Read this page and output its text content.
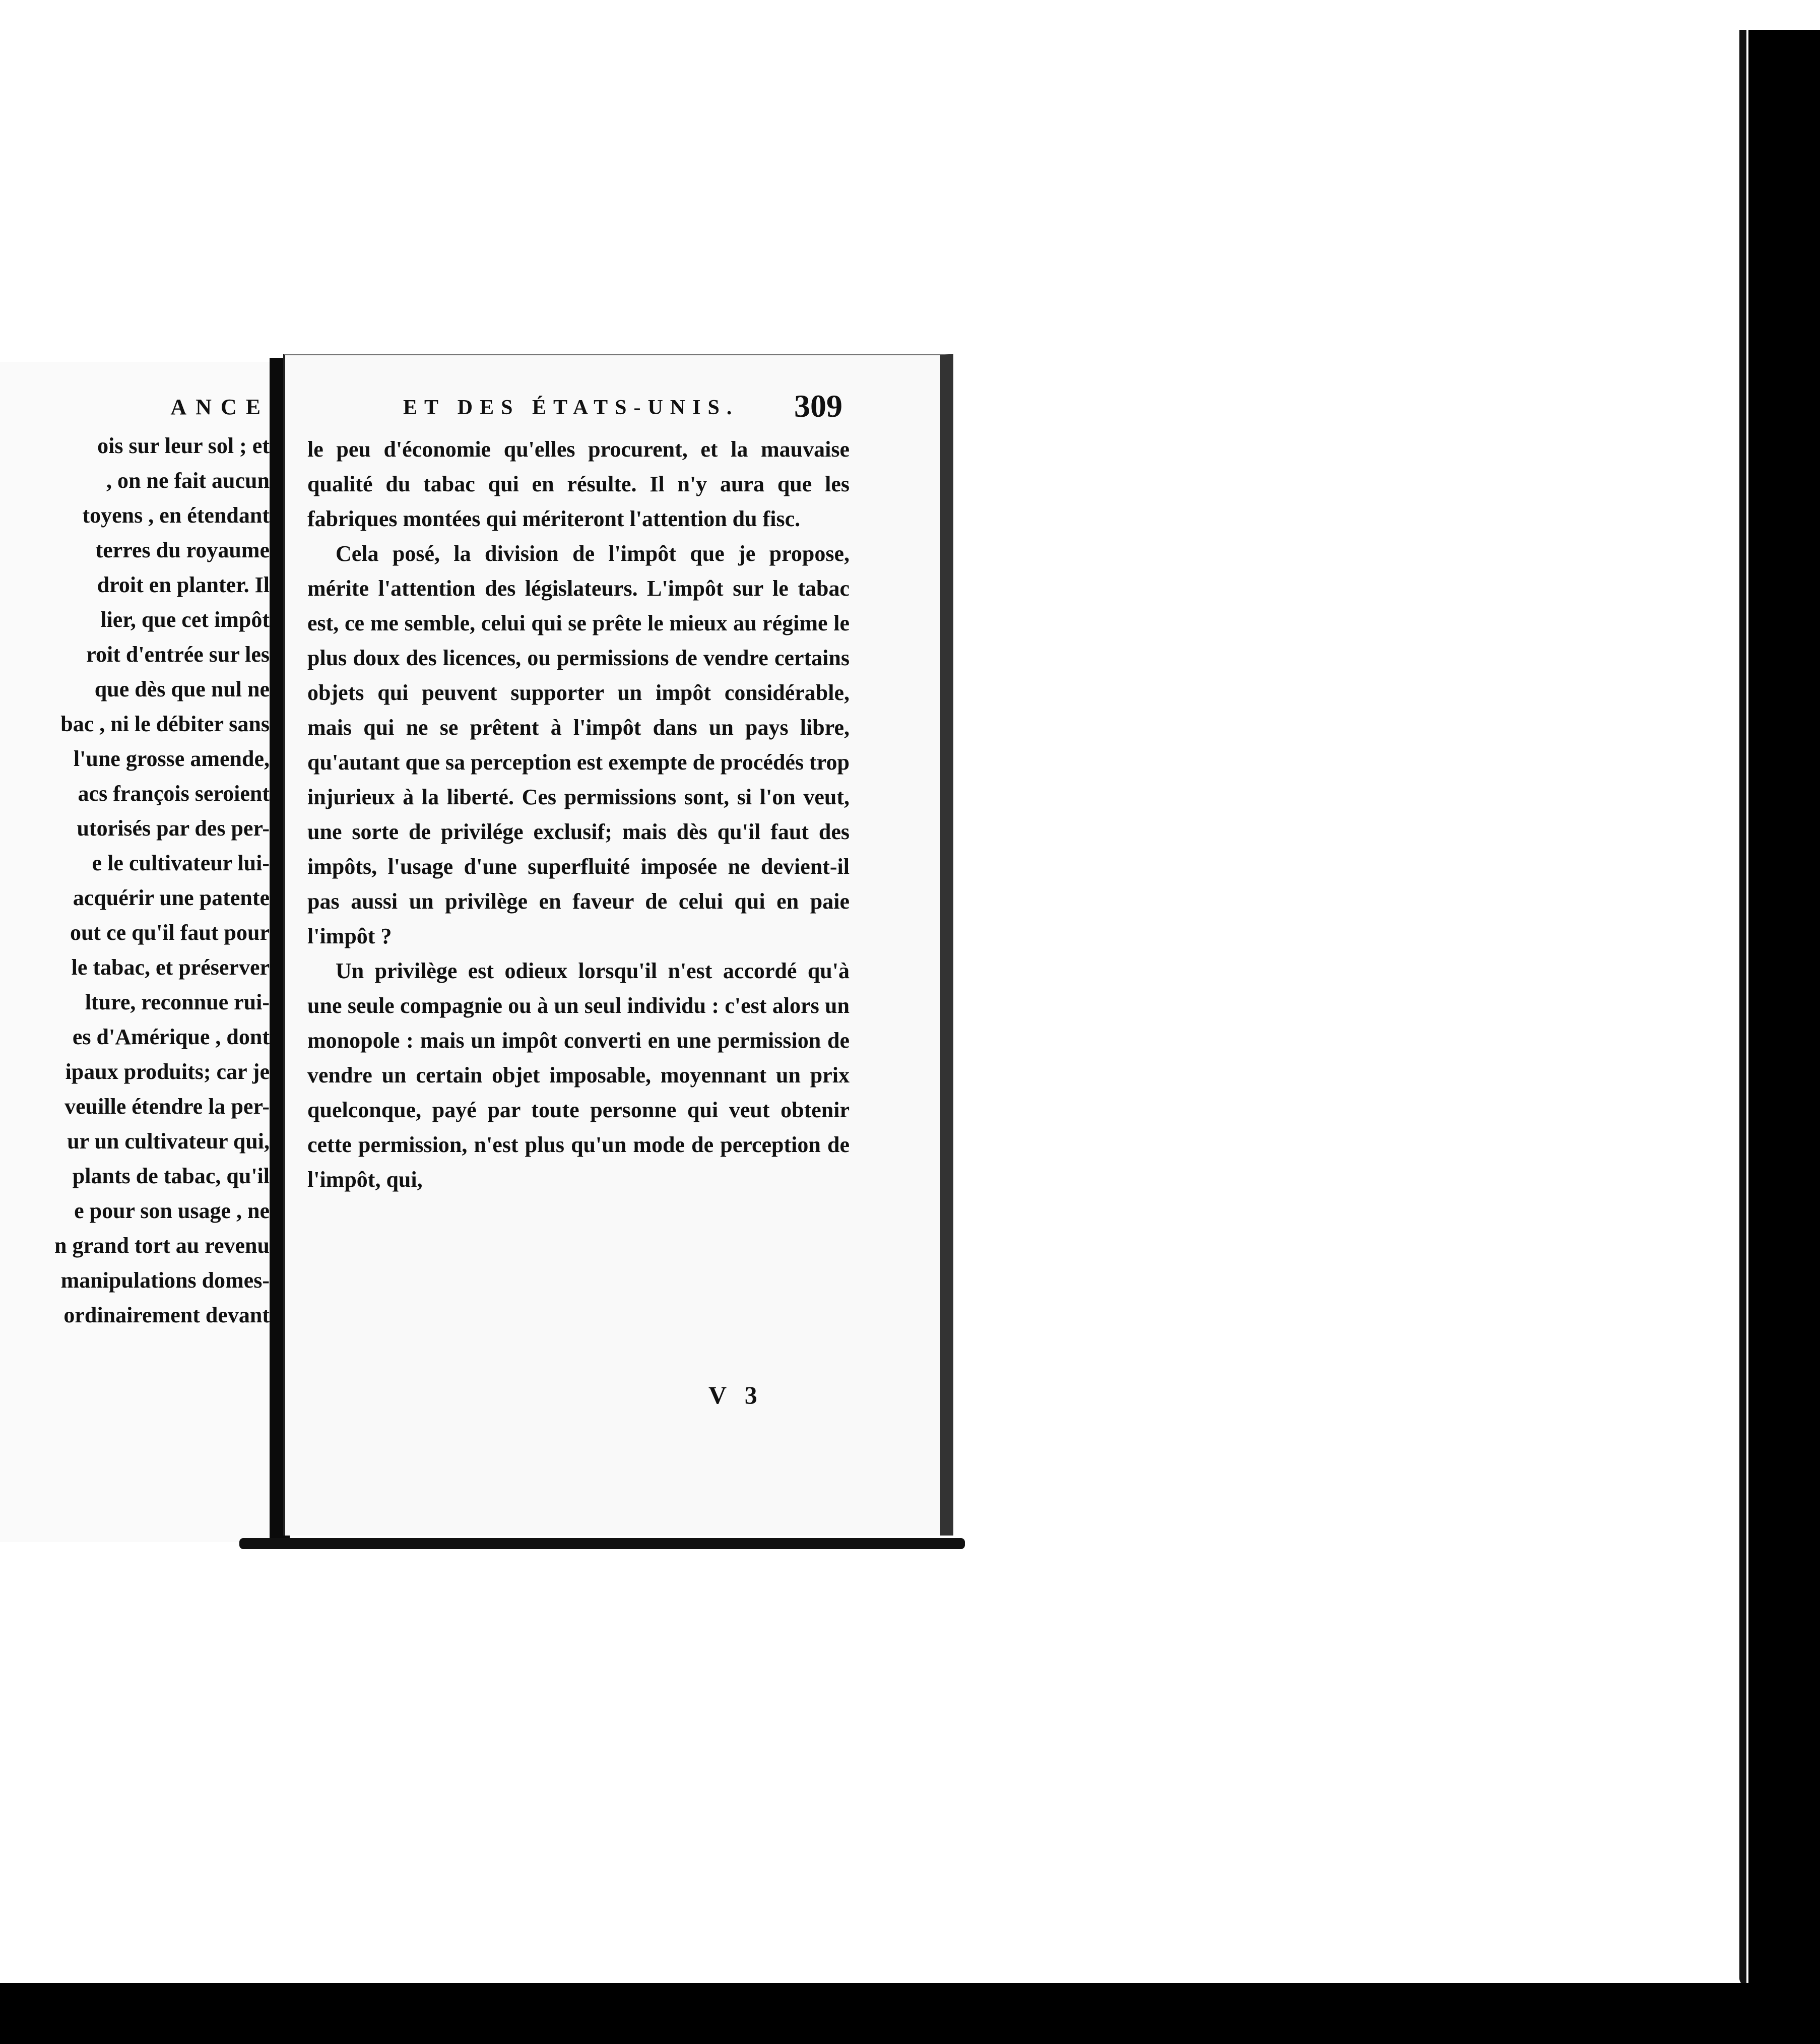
ANCE
ois sur leur sol ; et
, on ne fait aucun
toyens , en étendant
terres du royaume
droit en planter. Il
lier, que cet impôt
roit d'entrée sur les
que dès que nul ne
bac , ni le débiter sans
l'une grosse amende,
acs françois seroient
utorisés par des per-
e le cultivateur lui-
acquérir une patente
out ce qu'il faut pour
le tabac, et préserver
lture, reconnue rui-
es d'Amérique , dont
ipaux produits; car je
veuille étendre la per-
ur un cultivateur qui,
plants de tabac, qu'il
e pour son usage , ne
n grand tort au revenu
manipulations domes-
ordinairement devant
ET DES ÉTATS-UNIS. 309

le peu d'économie qu'elles procurent, et la mauvaise qualité du tabac qui en résulte. Il n'y aura que les fabriques montées qui mériteront l'attention du fisc.

Cela posé, la division de l'impôt que je propose, mérite l'attention des législateurs. L'impôt sur le tabac est, ce me semble, celui qui se prête le mieux au régime le plus doux des licences, ou permissions de vendre certains objets qui peuvent supporter un impôt considérable, mais qui ne se prêtent à l'impôt dans un pays libre, qu'autant que sa perception est exempte de procédés trop injurieux à la liberté. Ces permissions sont, si l'on veut, une sorte de privilége exclusif; mais dès qu'il faut des impôts, l'usage d'une superfluité imposée ne devient-il pas aussi un privilège en faveur de celui qui en paie l'impôt ?

Un privilège est odieux lorsqu'il n'est accordé qu'à une seule compagnie ou à un seul individu : c'est alors un monopole : mais un impôt converti en une permission de vendre un certain objet imposable, moyennant un prix quelconque, payé par toute personne qui veut obtenir cette permission, n'est plus qu'un mode de perception de l'impôt, qui,

V 3
